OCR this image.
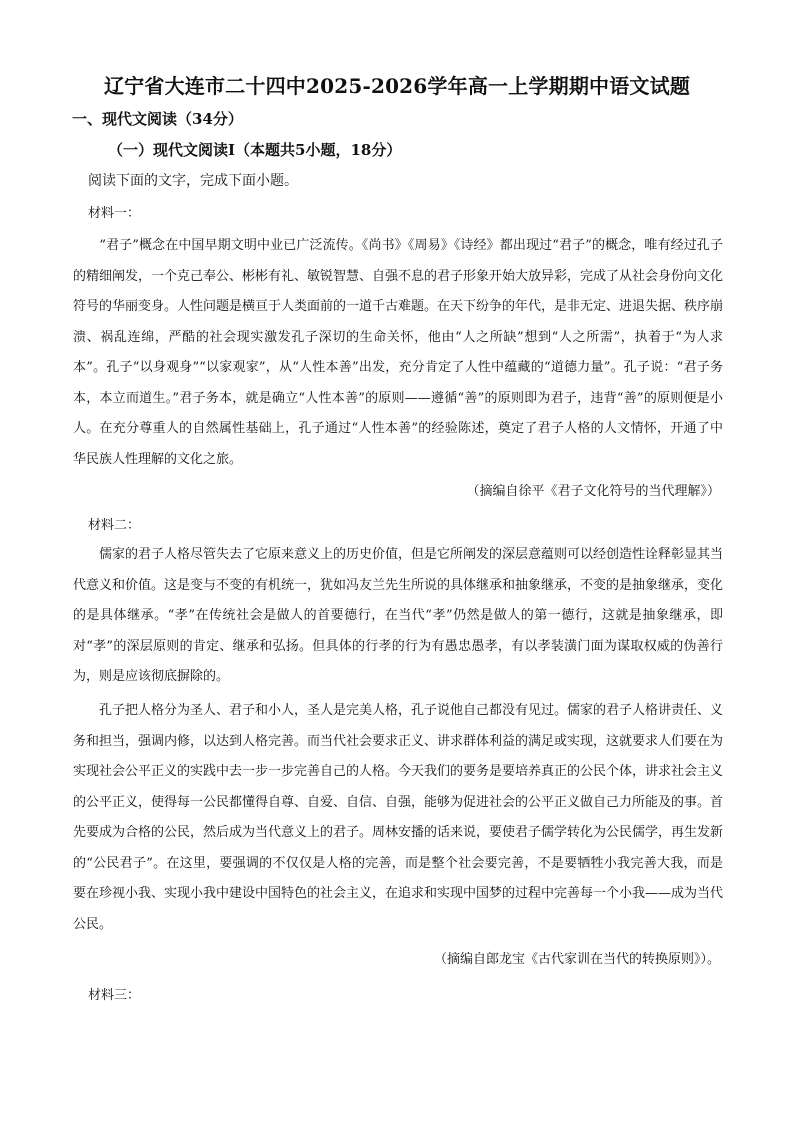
辽宁省大连市二十四中2025-2026学年高一上学期期中语文试题
一、现代文阅读（34分）
（一）现代文阅读Ⅰ（本题共5小题，18分）
阅读下面的文字，完成下面小题。
材料一：
　　“君子”概念在中国早期文明中业已广泛流传。《尚书》《周易》《诗经》都出现过“君子”的概念，唯有经过孔子的精细阐发，一个克己奉公、彬彬有礼、敏锐智慧、自强不息的君子形象开始大放异彩，完成了从社会身份向文化符号的华丽变身。人性问题是横亘于人类面前的一道千古难题。在天下纷争的年代，是非无定、进退失据、秩序崩溃、祸乱连绵，严酷的社会现实激发孔子深切的生命关怀，他由“人之所缺”想到“人之所需”，执着于“为人求本”。孔子“以身观身”“以家观家”，从“人性本善”出发，充分肯定了人性中蕴藏的“道德力量”。孔子说：“君子务本，本立而道生。”君子务本，就是确立“人性本善”的原则——遵循“善”的原则即为君子，违背“善”的原则便是小人。在充分尊重人的自然属性基础上，孔子通过“人性本善”的经验陈述，奠定了君子人格的人文情怀，开通了中华民族人性理解的文化之旅。
（摘编自徐平《君子文化符号的当代理解》）
材料二：
　　儒家的君子人格尽管失去了它原来意义上的历史价值，但是它所阐发的深层意蕴则可以经创造性诠释彰显其当代意义和价值。这是变与不变的有机统一，犹如冯友兰先生所说的具体继承和抽象继承，不变的是抽象继承，变化的是具体继承。“孝”在传统社会是做人的首要德行，在当代“孝”仍然是做人的第一德行，这就是抽象继承，即对“孝”的深层原则的肯定、继承和弘扬。但具体的行孝的行为有愚忠愚孝，有以孝装潢门面为谋取权威的伪善行为，则是应该彻底摒除的。
　　孔子把人格分为圣人、君子和小人，圣人是完美人格，孔子说他自己都没有见过。儒家的君子人格讲责任、义务和担当，强调内修，以达到人格完善。而当代社会要求正义、讲求群体利益的满足或实现，这就要求人们要在为实现社会公平正义的实践中去一步一步完善自己的人格。今天我们的要务是要培养真正的公民个体，讲求社会主义的公平正义，使得每一公民都懂得自尊、自爱、自信、自强，能够为促进社会的公平正义做自己力所能及的事。首先要成为合格的公民，然后成为当代意义上的君子。周林安播的话来说，要使君子儒学转化为公民儒学，再生发新的“公民君子”。在这里，要强调的不仅仅是人格的完善，而是整个社会要完善，不是要牺牲小我完善大我，而是要在珍视小我、实现小我中建设中国特色的社会主义，在追求和实现中国梦的过程中完善每一个小我——成为当代公民。
（摘编自郎龙宝《古代家训在当代的转换原则》）。
材料三：
